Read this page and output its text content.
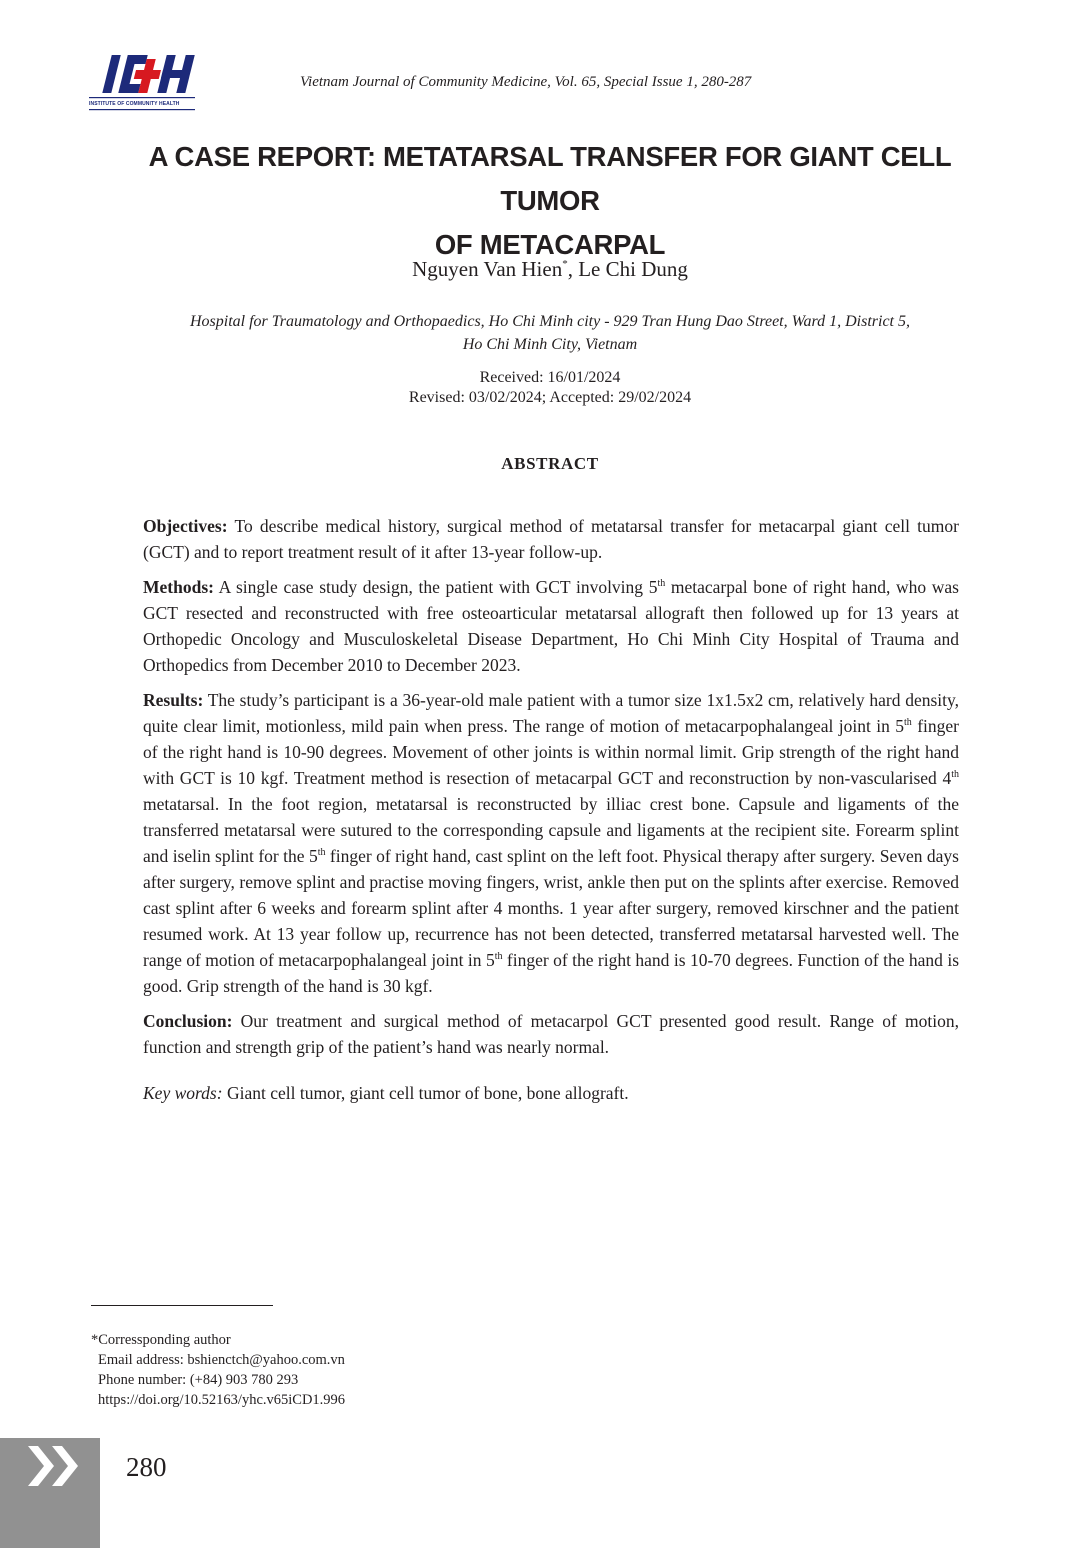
INSTITUTE OF COMMUNITY HEALTH
Vietnam Journal of Community Medicine, Vol. 65, Special Issue 1, 280-287
A CASE REPORT: METATARSAL TRANSFER FOR GIANT CELL TUMOR
OF METACARPAL
Nguyen Van Hien*, Le Chi Dung
Hospital for Traumatology and Orthopaedics, Ho Chi Minh city - 929 Tran Hung Dao Street, Ward 1, District 5,
Ho Chi Minh City, Vietnam
Received: 16/01/2024
Revised: 03/02/2024; Accepted: 29/02/2024
ABSTRACT

Objectives: To describe medical history, surgical method of metatarsal transfer for metacarpal giant cell tumor (GCT) and to report treatment result of it after 13-year follow-up.

Methods: A single case study design, the patient with GCT involving 5th metacarpal bone of right hand, who was GCT resected and reconstructed with free osteoarticular metatarsal allograft then followed up for 13 years at Orthopedic Oncology and Musculoskeletal Disease Department, Ho Chi Minh City Hospital of Trauma and Orthopedics from December 2010 to December 2023.

Results: The study’s participant is a 36-year-old male patient with a tumor size 1x1.5x2 cm, relatively hard density, quite clear limit, motionless, mild pain when press. The range of motion of metacarpophalangeal joint in 5th finger of the right hand is 10-90 degrees. Movement of other joints is within normal limit. Grip strength of the right hand with GCT is 10 kgf. Treatment method is resection of metacarpal GCT and reconstruction by non-vascularised 4th metatarsal. In the foot region, metatarsal is reconstructed by illiac crest bone. Capsule and ligaments of the transferred metatarsal were sutured to the corresponding capsule and ligaments at the recipient site. Forearm splint and iselin splint for the 5th finger of right hand, cast splint on the left foot. Physical therapy after surgery. Seven days after surgery, remove splint and practise moving fingers, wrist, ankle then put on the splints after exercise. Removed cast splint after 6 weeks and forearm splint after 4 months. 1 year after surgery, removed kirschner and the patient resumed work. At 13 year follow up, recurrence has not been detected, transferred metatarsal harvested well. The range of motion of metacarpophalangeal joint in 5th finger of the right hand is 10-70 degrees. Function of the hand is good. Grip strength of the hand is 30 kgf.

Conclusion: Our treatment and surgical method of metacarpol GCT presented good result. Range of motion, function and strength grip of the patient’s hand was nearly normal.

Key words: Giant cell tumor, giant cell tumor of bone, bone allograft.

*Corressponding author
Email address: bshienctch@yahoo.com.vn
Phone number: (+84) 903 780 293
https://doi.org/10.52163/yhc.v65iCD1.996
280
